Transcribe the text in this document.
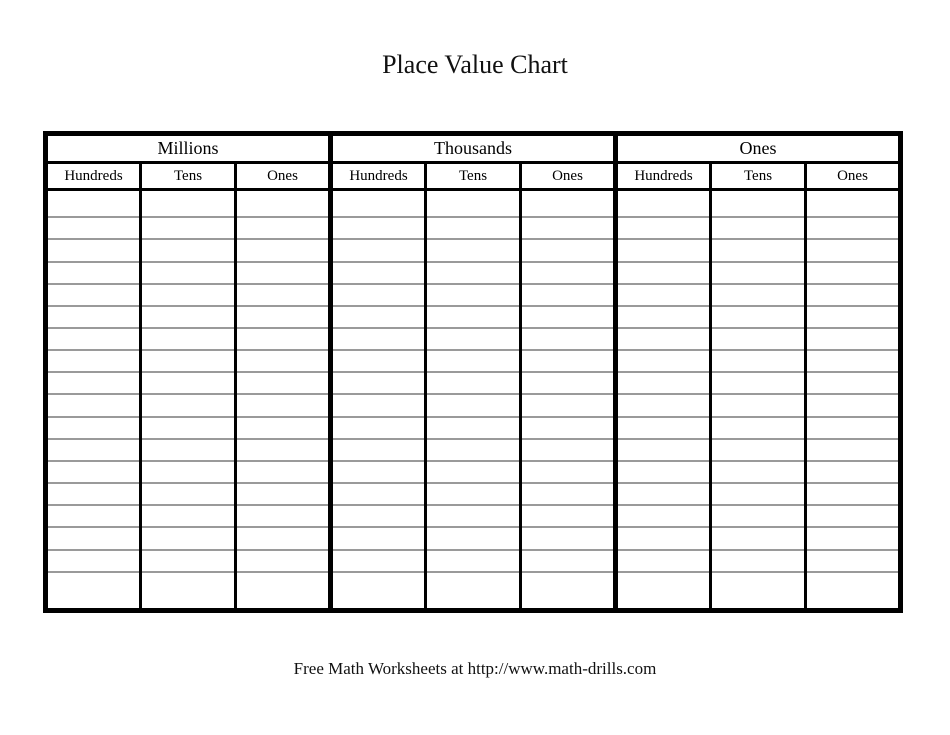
Place Value Chart
Millions			Thousands			Ones		
Hundreds	Tens	Ones	Hundreds	Tens	Ones	Hundreds	Tens	Ones

Free Math Worksheets at http://www.math-drills.com
